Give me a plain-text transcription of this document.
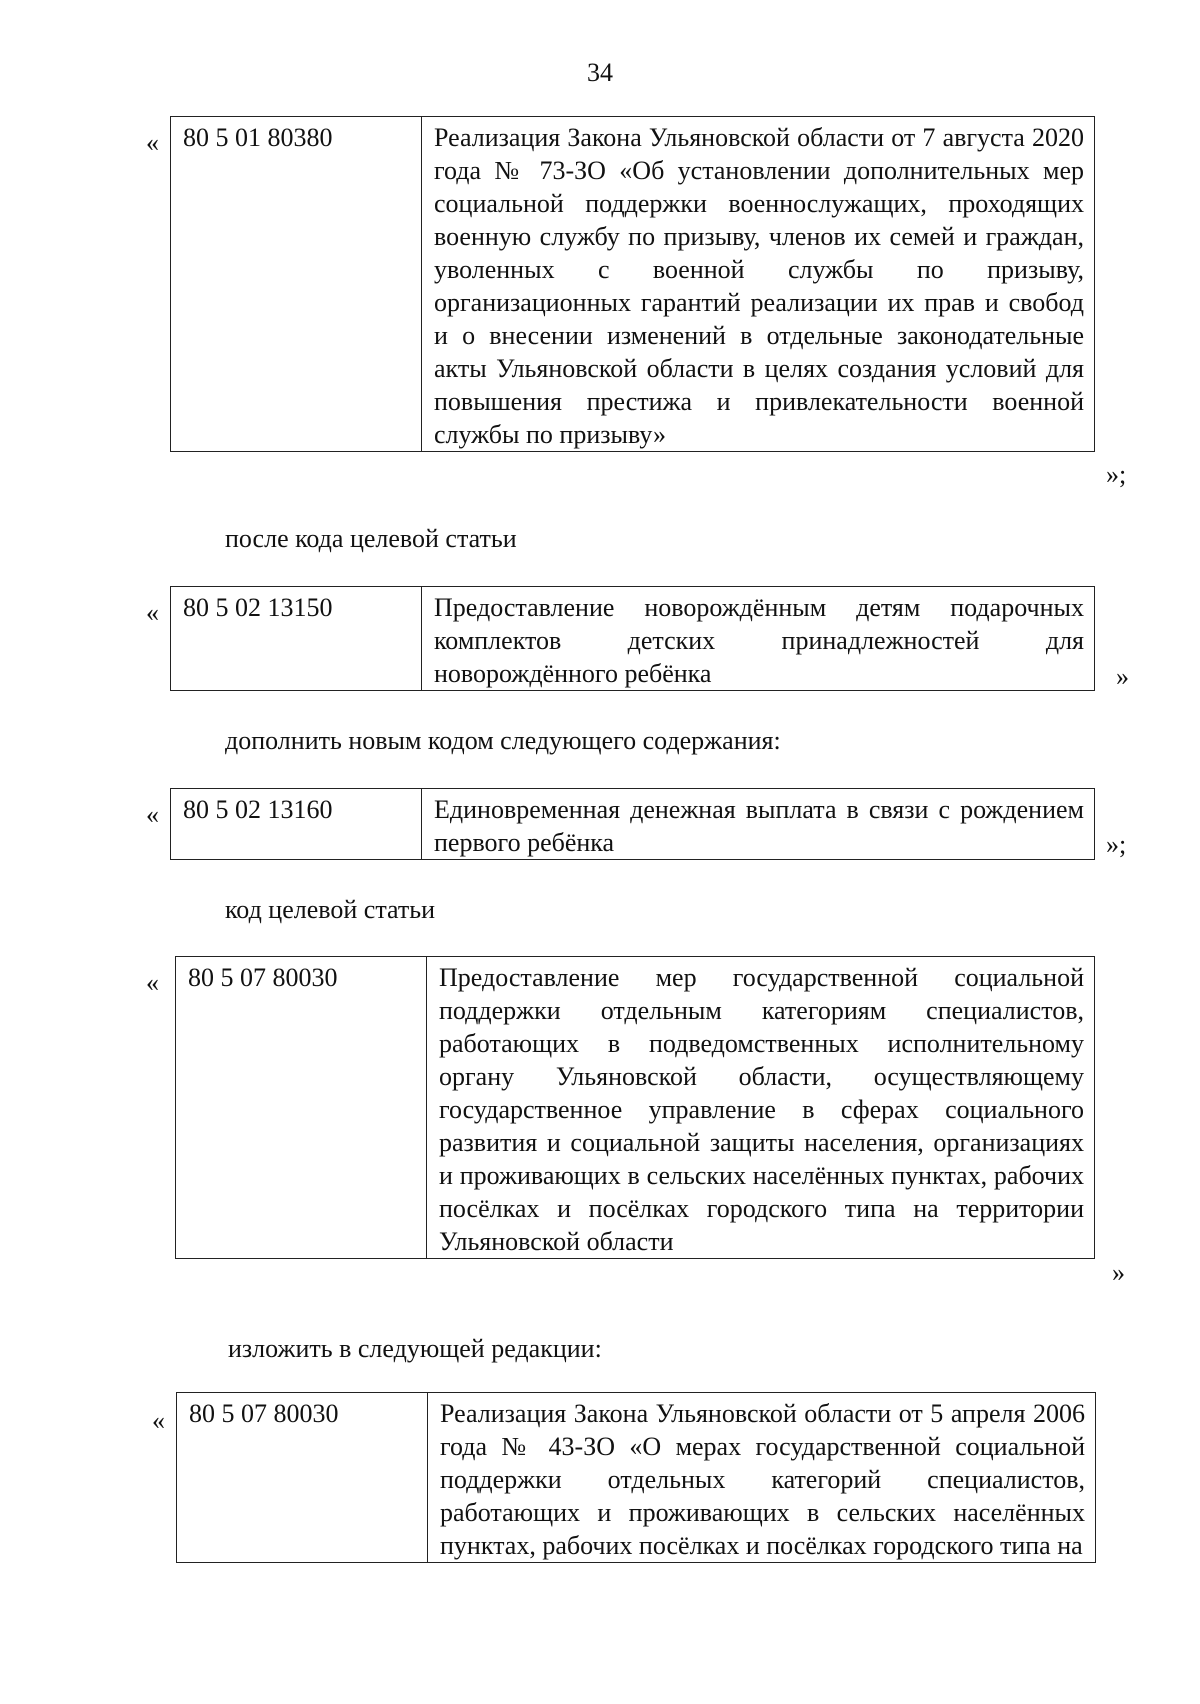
34
« 80 5 01 80380	Реализация Закона Ульяновской области от 7 августа 2020 года № 73-ЗО «Об установлении дополнительных мер социальной поддержки военнослужащих, проходящих военную службу по призыву, членов их семей и граждан, уволенных с военной службы по призыву, организационных гарантий реализации их прав и свобод и о внесении изменений в отдельные законодательные акты Ульяновской области в целях создания условий для повышения престижа и привлекательности военной службы по призыву»
»;
после кода целевой статьи
« 80 5 02 13150	Предоставление новорождённым детям подарочных комплектов детских принадлежностей для новорождённого ребёнка	»
дополнить новым кодом следующего содержания:
« 80 5 02 13160	Единовременная денежная выплата в связи с рождением первого ребёнка	»;
код целевой статьи
« 80 5 07 80030	Предоставление мер государственной социальной поддержки отдельным категориям специалистов, работающих в подведомственных исполнительному органу Ульяновской области, осуществляющему государственное управление в сферах социального развития и социальной защиты населения, организациях и проживающих в сельских населённых пунктах, рабочих посёлках и посёлках городского типа на территории Ульяновской области
»
изложить в следующей редакции:
« 80 5 07 80030	Реализация Закона Ульяновской области от 5 апреля 2006 года № 43-ЗО «О мерах государственной социальной поддержки отдельных категорий специалистов, работающих и проживающих в сельских населённых пунктах, рабочих посёлках и посёлках городского типа на
